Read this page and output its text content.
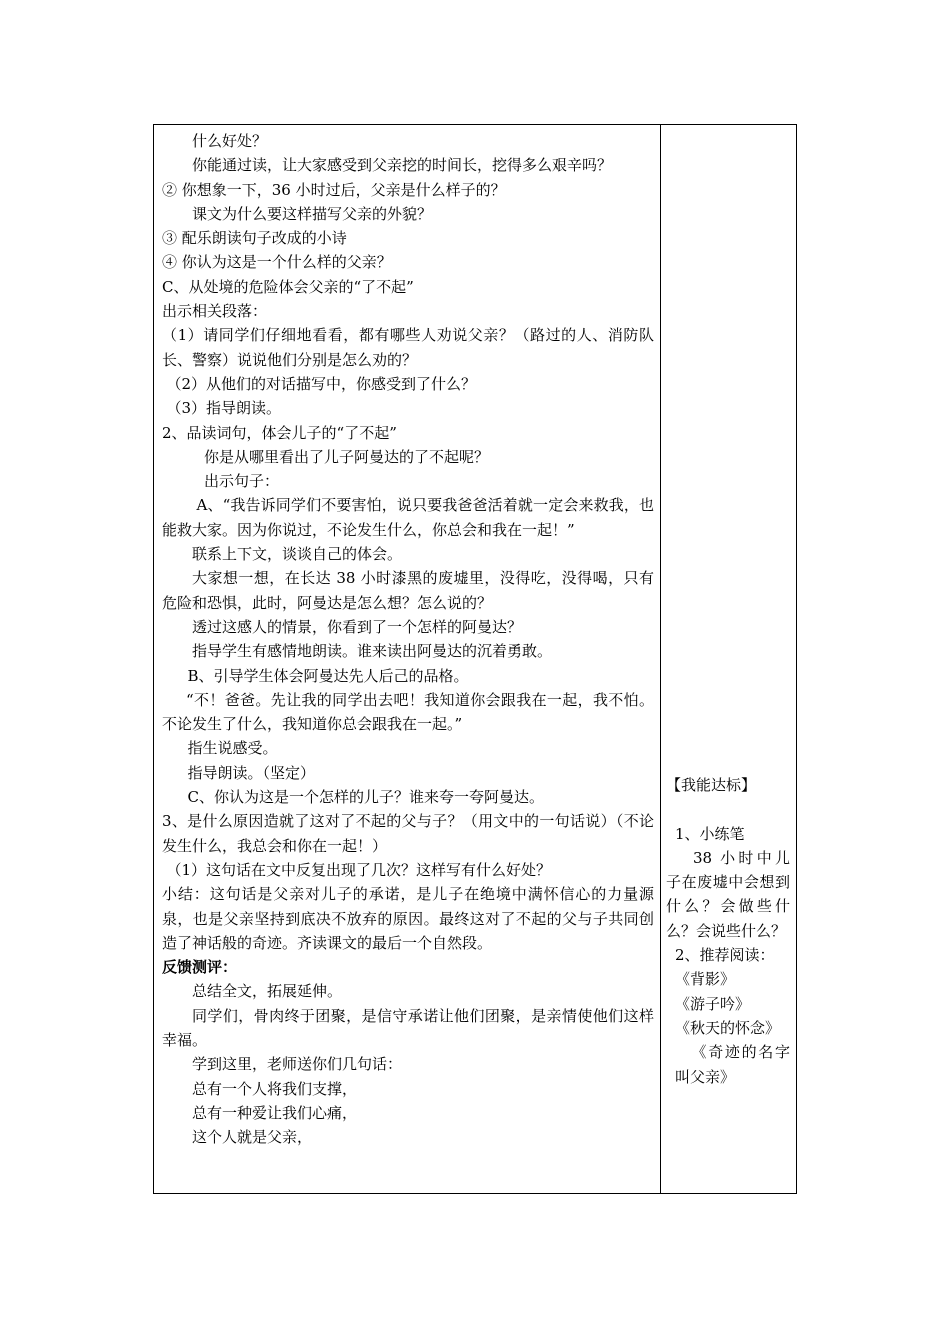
什么好处？

你能通过读，让大家感受到父亲挖的时间长，挖得多么艰辛吗？

② 你想象一下，36 小时过后，父亲是什么样子的？

课文为什么要这样描写父亲的外貌？

③ 配乐朗读句子改成的小诗

④ 你认为这是一个什么样的父亲？

C、从处境的危险体会父亲的“了不起”

出示相关段落：

（1）请同学们仔细地看看，都有哪些人劝说父亲？（路过的人、消防队长、警察）说说他们分别是怎么劝的？

（2）从他们的对话描写中，你感受到了什么？

（3）指导朗读。

2、品读词句，体会儿子的“了不起”

你是从哪里看出了儿子阿曼达的了不起呢？

出示句子：

A、“我告诉同学们不要害怕，说只要我爸爸活着就一定会来救我，也能救大家。因为你说过，不论发生什么，你总会和我在一起！”

联系上下文，谈谈自己的体会。

大家想一想，在长达 38 小时漆黑的废墟里，没得吃，没得喝，只有危险和恐惧，此时，阿曼达是怎么想？怎么说的？

透过这感人的情景，你看到了一个怎样的阿曼达？

指导学生有感情地朗读。谁来读出阿曼达的沉着勇敢。

B、引导学生体会阿曼达先人后己的品格。

“不！爸爸。先让我的同学出去吧！我知道你会跟我在一起，我不怕。不论发生了什么，我知道你总会跟我在一起。”

指生说感受。

指导朗读。（坚定）

C、你认为这是一个怎样的儿子？谁来夸一夸阿曼达。

3、是什么原因造就了这对了不起的父与子？（用文中的一句话说）（不论发生什么，我总会和你在一起！）

（1）这句话在文中反复出现了几次？这样写有什么好处？

小结：这句话是父亲对儿子的承诺，是儿子在绝境中满怀信心的力量源泉，也是父亲坚持到底决不放弃的原因。最终这对了不起的父与子共同创造了神话般的奇迹。齐读课文的最后一个自然段。

反馈测评：

总结全文，拓展延伸。

同学们，骨肉终于团聚，是信守承诺让他们团聚，是亲情使他们这样幸福。

学到这里，老师送你们几句话：

总有一个人将我们支撑，

总有一种爱让我们心痛，

这个人就是父亲，

【我能达标】

1、小练笔

38 小时中儿子在废墟中会想到什么？会做些什么？会说些什么？

2、推荐阅读：

《背影》

《游子吟》

《秋天的怀念》

《奇迹的名字叫父亲》
